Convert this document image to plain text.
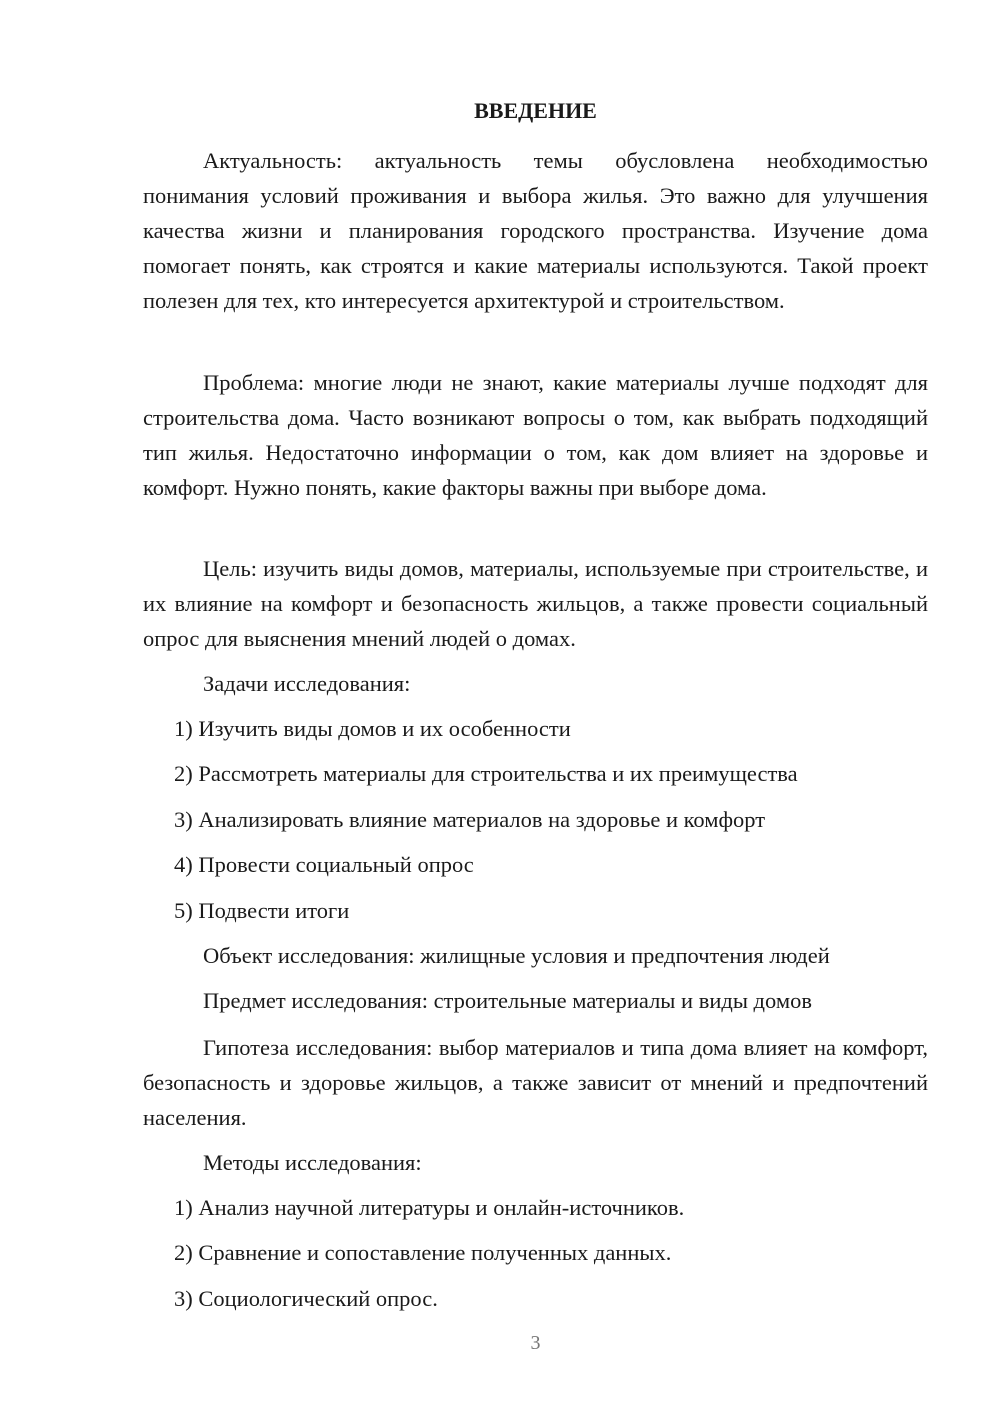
ВВЕДЕНИЕ

Актуальность: актуальность темы обусловлена необходимостью понимания условий проживания и выбора жилья. Это важно для улучшения качества жизни и планирования городского пространства. Изучение дома помогает понять, как строятся и какие материалы используются. Такой проект полезен для тех, кто интересуется архитектурой и строительством.

Проблема: многие люди не знают, какие материалы лучше подходят для строительства дома. Часто возникают вопросы о том, как выбрать подходящий тип жилья. Недостаточно информации о том, как дом влияет на здоровье и комфорт. Нужно понять, какие факторы важны при выборе дома.

Цель: изучить виды домов, материалы, используемые при строительстве, и их влияние на комфорт и безопасность жильцов, а также провести социальный опрос для выяснения мнений людей о домах.

Задачи исследования:

1) Изучить виды домов и их особенности

2) Рассмотреть материалы для строительства и их преимущества

3) Анализировать влияние материалов на здоровье и комфорт

4) Провести социальный опрос

5) Подвести итоги

Объект исследования: жилищные условия и предпочтения людей

Предмет исследования: строительные материалы и виды домов

Гипотеза исследования: выбор материалов и типа дома влияет на комфорт, безопасность и здоровье жильцов, а также зависит от мнений и предпочтений населения.

Методы исследования:

1) Анализ научной литературы и онлайн-источников.

2) Сравнение и сопоставление полученных данных.

3) Социологический опрос.

3
